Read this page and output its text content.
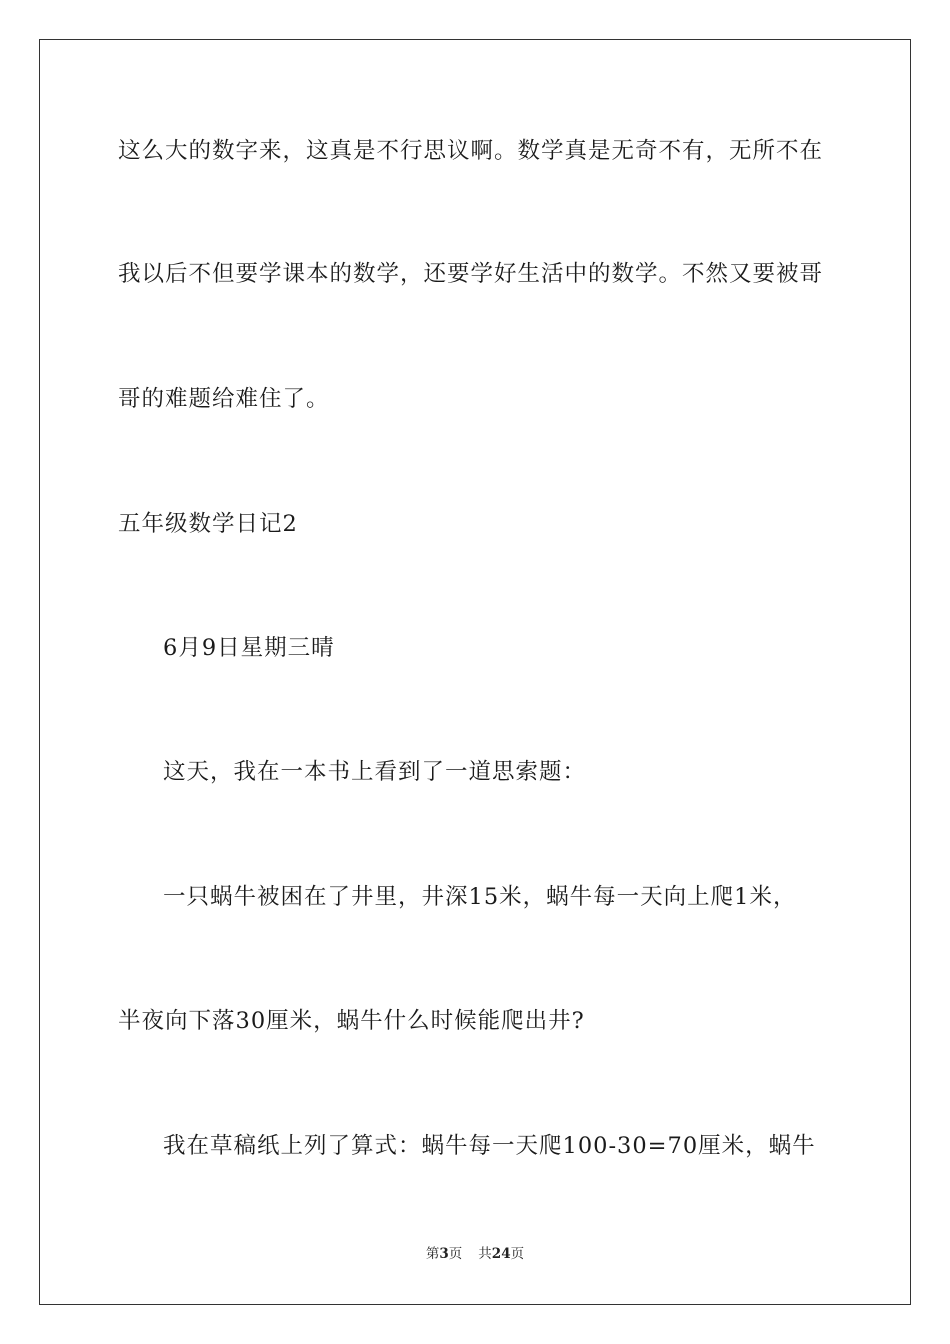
这么大的数字来，这真是不行思议啊。数学真是无奇不有，无所不在
我以后不但要学课本的数学，还要学好生活中的数学。不然又要被哥
哥的难题给难住了。
五年级数学日记2
6月9日星期三晴
这天，我在一本书上看到了一道思索题：
一只蜗牛被困在了井里，井深15米，蜗牛每一天向上爬1米，
半夜向下落30厘米，蜗牛什么时候能爬出井?
我在草稿纸上列了算式：蜗牛每一天爬100-30=70厘米，蜗牛
第3页 共24页
